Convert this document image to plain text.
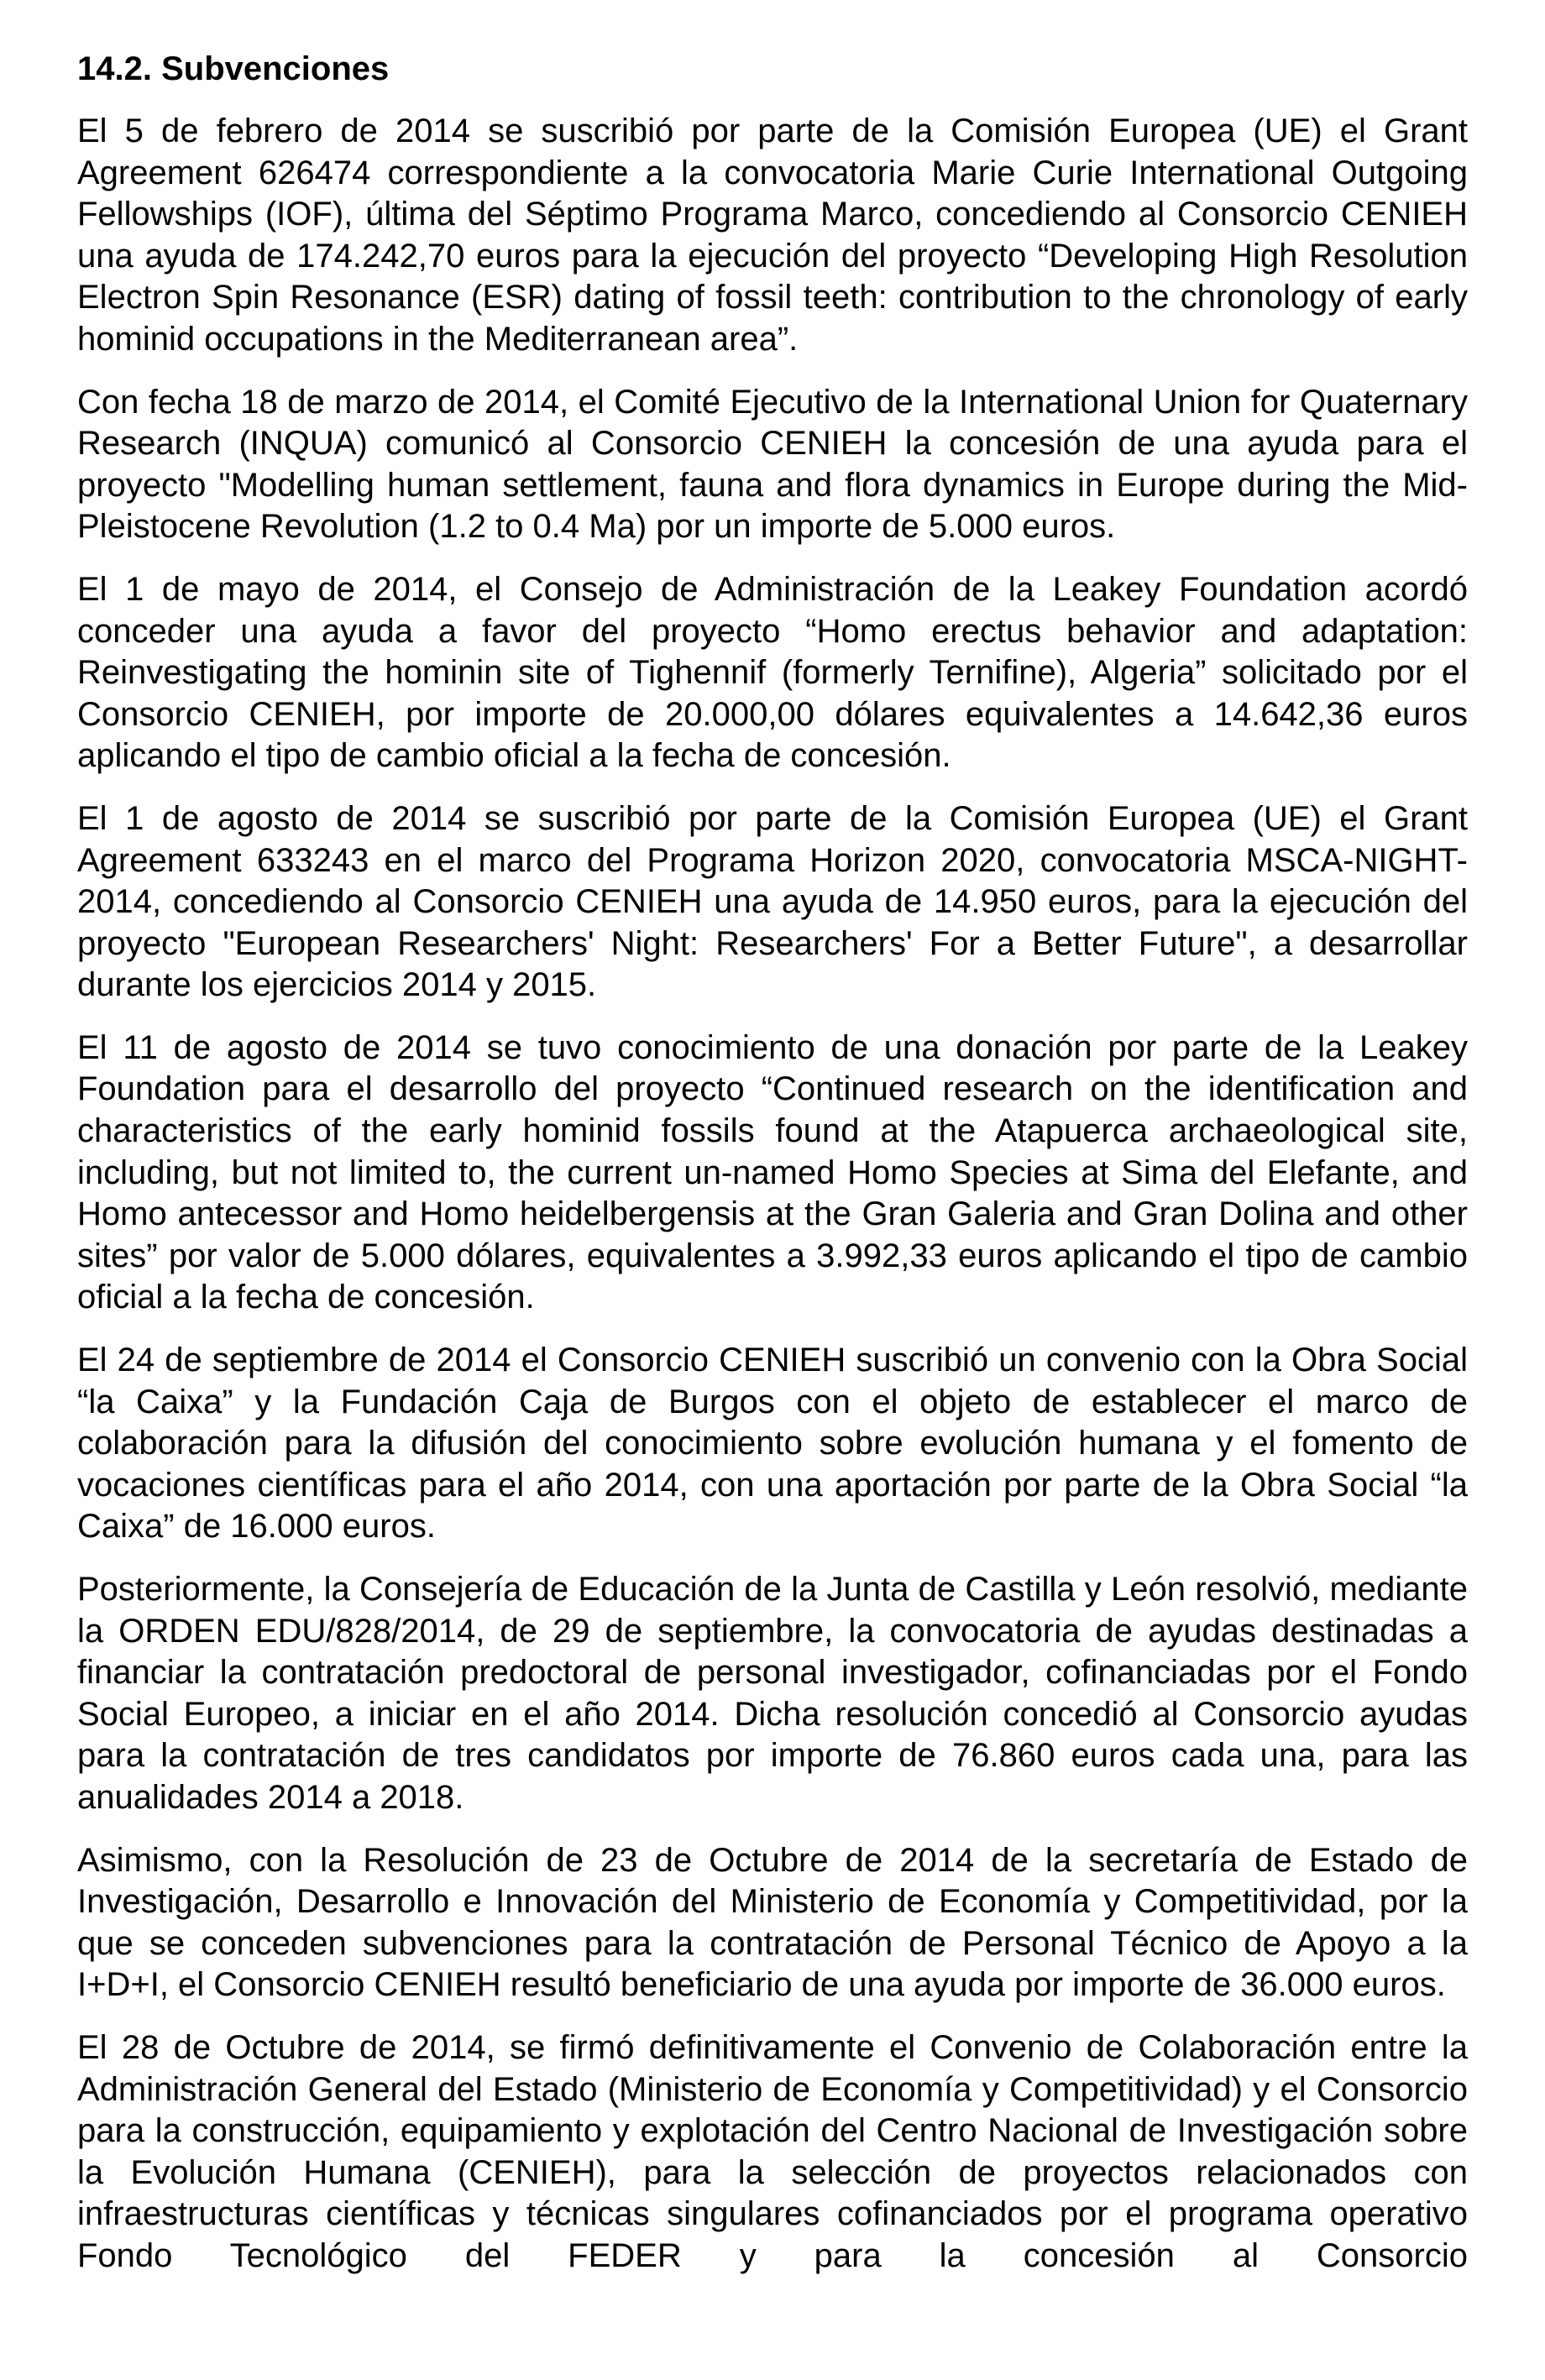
14.2. Subvenciones

El 5 de febrero de 2014 se suscribió por parte de la Comisión Europea (UE) el Grant Agreement 626474 correspondiente a la convocatoria Marie Curie International Outgoing Fellowships (IOF), última del Séptimo Programa Marco, concediendo al Consorcio CENIEH una ayuda de 174.242,70 euros para la ejecución del proyecto “Developing High Resolution Electron Spin Resonance (ESR) dating of fossil teeth: contribution to the chronology of early hominid occupations in the Mediterranean area”.

Con fecha 18 de marzo de 2014, el Comité Ejecutivo de la International Union for Quaternary Research (INQUA) comunicó al Consorcio CENIEH la concesión de una ayuda para el proyecto "Modelling human settlement, fauna and flora dynamics in Europe during the Mid-Pleistocene Revolution (1.2 to 0.4 Ma) por un importe de 5.000 euros.

El 1 de mayo de 2014, el Consejo de Administración de la Leakey Foundation acordó conceder una ayuda a favor del proyecto “Homo erectus behavior and adaptation: Reinvestigating the hominin site of Tighennif (formerly Ternifine), Algeria” solicitado por el Consorcio CENIEH, por importe de 20.000,00 dólares equivalentes a 14.642,36 euros aplicando el tipo de cambio oficial a la fecha de concesión.

El 1 de agosto de 2014 se suscribió por parte de la Comisión Europea (UE) el Grant Agreement 633243 en el marco del Programa Horizon 2020, convocatoria MSCA-NIGHT-2014, concediendo al Consorcio CENIEH una ayuda de 14.950 euros, para la ejecución del proyecto "European Researchers' Night: Researchers' For a Better Future", a desarrollar durante los ejercicios 2014 y 2015.

El 11 de agosto de 2014 se tuvo conocimiento de una donación por parte de la Leakey Foundation para el desarrollo del proyecto “Continued research on the identification and characteristics of the early hominid fossils found at the Atapuerca archaeological site, including, but not limited to, the current un-named Homo Species at Sima del Elefante, and Homo antecessor and Homo heidelbergensis at the Gran Galeria and Gran Dolina and other sites” por valor de 5.000 dólares, equivalentes a 3.992,33 euros aplicando el tipo de cambio oficial a la fecha de concesión.

El 24 de septiembre de 2014 el Consorcio CENIEH suscribió un convenio con la Obra Social “la Caixa” y la Fundación Caja de Burgos con el objeto de establecer el marco de colaboración para la difusión del conocimiento sobre evolución humana y el fomento de vocaciones científicas para el año 2014, con una aportación por parte de la Obra Social “la Caixa” de 16.000 euros.

Posteriormente, la Consejería de Educación de la Junta de Castilla y León resolvió, mediante la ORDEN EDU/828/2014, de 29 de septiembre, la convocatoria de ayudas destinadas a financiar la contratación predoctoral de personal investigador, cofinanciadas por el Fondo Social Europeo, a iniciar en el año 2014. Dicha resolución concedió al Consorcio ayudas para la contratación de tres candidatos por importe de 76.860 euros cada una, para las anualidades 2014 a 2018.

Asimismo, con la Resolución de 23 de Octubre de 2014 de la secretaría de Estado de Investigación, Desarrollo e Innovación del Ministerio de Economía y Competitividad, por la que se conceden subvenciones para la contratación de Personal Técnico de Apoyo a la I+D+I, el Consorcio CENIEH resultó beneficiario de una ayuda por importe de 36.000 euros.

El 28 de Octubre de 2014, se firmó definitivamente el Convenio de Colaboración entre la Administración General del Estado (Ministerio de Economía y Competitividad) y el Consorcio para la construcción, equipamiento y explotación del Centro Nacional de Investigación sobre la Evolución Humana (CENIEH), para la selección de proyectos relacionados con infraestructuras científicas y técnicas singulares cofinanciados por el programa operativo Fondo Tecnológico del FEDER y para la concesión al Consorcio
